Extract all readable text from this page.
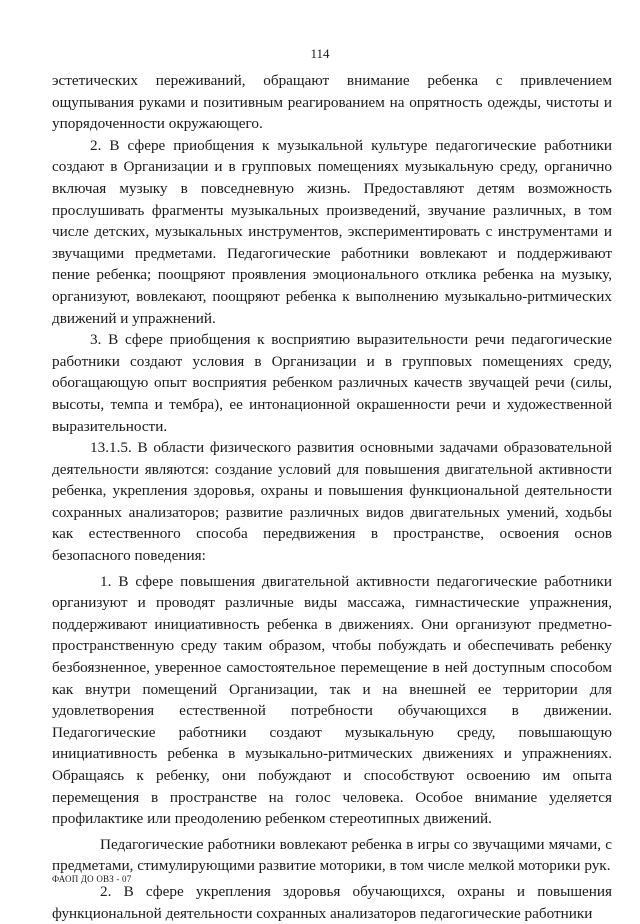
114

эстетических переживаний, обращают внимание ребенка с привлечением ощупывания руками и позитивным реагированием на опрятность одежды, чистоты и упорядоченности окружающего.

2. В сфере приобщения к музыкальной культуре педагогические работники создают в Организации и в групповых помещениях музыкальную среду, органично включая музыку в повседневную жизнь. Предоставляют детям возможность прослушивать фрагменты музыкальных произведений, звучание различных, в том числе детских, музыкальных инструментов, экспериментировать с инструментами и звучащими предметами. Педагогические работники вовлекают и поддерживают пение ребенка; поощряют проявления эмоционального отклика ребенка на музыку, организуют, вовлекают, поощряют ребенка к выполнению музыкально-ритмических движений и упражнений.

3. В сфере приобщения к восприятию выразительности речи педагогические работники создают условия в Организации и в групповых помещениях среду, обогащающую опыт восприятия ребенком различных качеств звучащей речи (силы, высоты, темпа и тембра), ее интонационной окрашенности речи и художественной выразительности.

13.1.5. В области физического развития основными задачами образовательной деятельности являются: создание условий для повышения двигательной активности ребенка, укрепления здоровья, охраны и повышения функциональной деятельности сохранных анализаторов; развитие различных видов двигательных умений, ходьбы как естественного способа передвижения в пространстве, освоения основ безопасного поведения:

1. В сфере повышения двигательной активности педагогические работники организуют и проводят различные виды массажа, гимнастические упражнения, поддерживают инициативность ребенка в движениях. Они организуют предметно-пространственную среду таким образом, чтобы побуждать и обеспечивать ребенку безбоязненное, уверенное самостоятельное перемещение в ней доступным способом как внутри помещений Организации, так и на внешней ее территории для удовлетворения естественной потребности обучающихся в движении. Педагогические работники создают музыкальную среду, повышающую инициативность ребенка в музыкально-ритмических движениях и упражнениях. Обращаясь к ребенку, они побуждают и способствуют освоению им опыта перемещения в пространстве на голос человека. Особое внимание уделяется профилактике или преодолению ребенком стереотипных движений.

Педагогические работники вовлекают ребенка в игры со звучащими мячами, с предметами, стимулирующими развитие моторики, в том числе мелкой моторики рук.

2. В сфере укрепления здоровья обучающихся, охраны и повышения функциональной деятельности сохранных анализаторов педагогические работники

ФАОП ДО ОВЗ - 07
